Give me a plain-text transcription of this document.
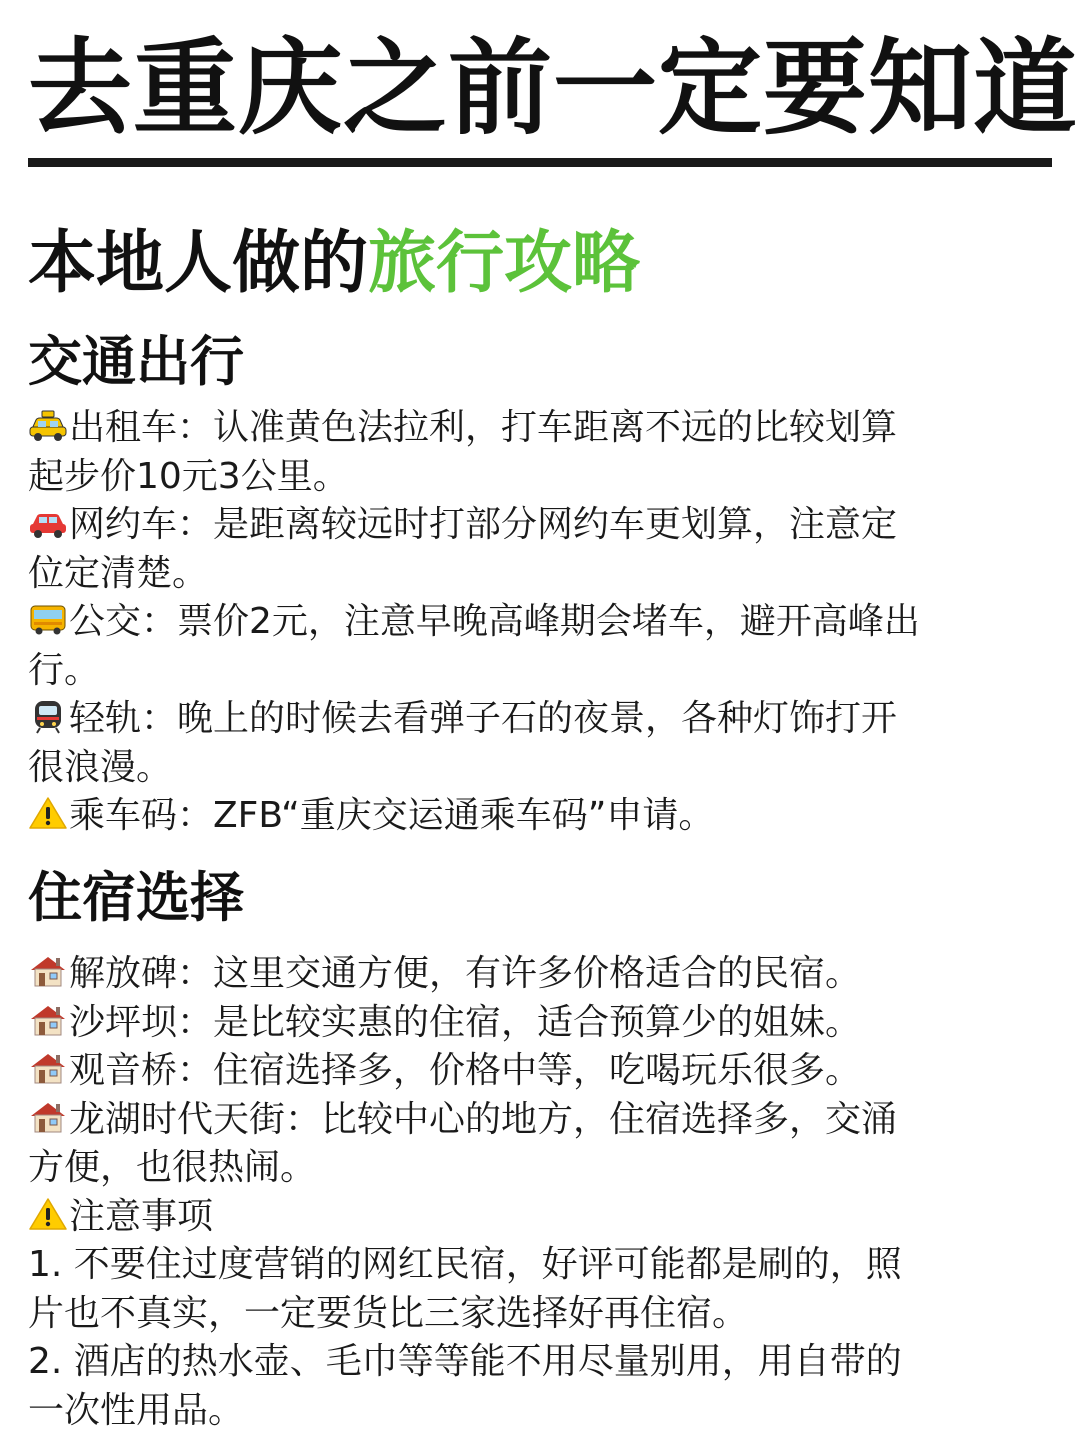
去重庆之前一定要知道
本地人做的旅行攻略
交通出行
出租车：认准黄色法拉利，打车距离不远的比较划算
起步价10元3公里。
网约车：是距离较远时打部分网约车更划算，注意定
位定清楚。
公交：票价2元，注意早晚高峰期会堵车，避开高峰出
行。
轻轨：晚上的时候去看弹子石的夜景，各种灯饰打开
很浪漫。
乘车码：ZFB“重庆交运通乘车码”申请。
住宿选择
解放碑：这里交通方便，有许多价格适合的民宿。
沙坪坝：是比较实惠的住宿，适合预算少的姐妹。
观音桥：住宿选择多，价格中等，吃喝玩乐很多。
龙湖时代天街：比较中心的地方，住宿选择多，交涌
方便，也很热闹。
注意事项
1. 不要住过度营销的网红民宿，好评可能都是刷的，照
片也不真实，一定要货比三家选择好再住宿。
2. 酒店的热水壶、毛巾等等能不用尽量别用，用自带的
一次性用品。
